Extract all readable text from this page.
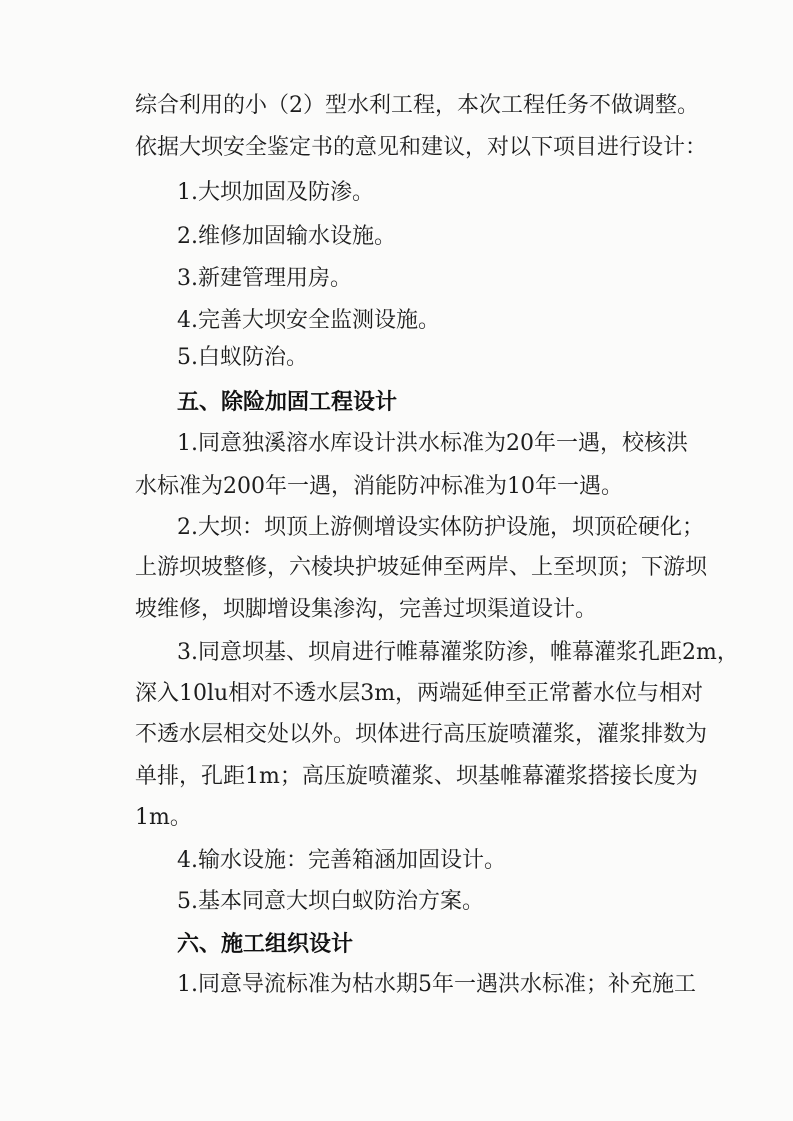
综合利用的小（2）型水利工程，本次工程任务不做调整。
依据大坝安全鉴定书的意见和建议，对以下项目进行设计：
1.大坝加固及防渗。
2.维修加固输水设施。
3.新建管理用房。
4.完善大坝安全监测设施。
5.白蚁防治。
五、除险加固工程设计
1.同意独溪溶水库设计洪水标准为20年一遇，校核洪
水标准为200年一遇，消能防冲标准为10年一遇。
2.大坝：坝顶上游侧增设实体防护设施，坝顶砼硬化；
上游坝坡整修，六棱块护坡延伸至两岸、上至坝顶；下游坝
坡维修，坝脚增设集渗沟，完善过坝渠道设计。
3.同意坝基、坝肩进行帷幕灌浆防渗，帷幕灌浆孔距2m，
深入10lu相对不透水层3m，两端延伸至正常蓄水位与相对
不透水层相交处以外。坝体进行高压旋喷灌浆，灌浆排数为
单排，孔距1m；高压旋喷灌浆、坝基帷幕灌浆搭接长度为
1m。
4.输水设施：完善箱涵加固设计。
5.基本同意大坝白蚁防治方案。
六、施工组织设计
1.同意导流标准为枯水期5年一遇洪水标准；补充施工
